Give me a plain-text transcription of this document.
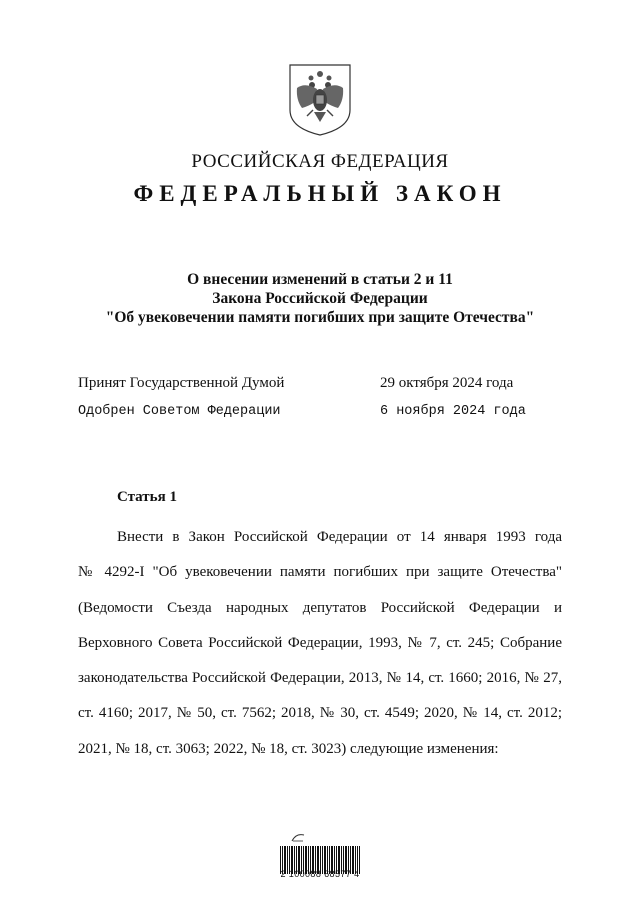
РОССИЙСКАЯ ФЕДЕРАЦИЯ
ФЕДЕРАЛЬНЫЙ ЗАКОН
О внесении изменений в статьи 2 и 11
Закона Российской Федерации
"Об увековечении памяти погибших при защите Отечества"
Принят Государственной Думой	29 октября 2024 года
Одобрен Советом Федерации	6 ноября 2024 года
Статья 1
Внести в Закон Российской Федерации от 14 января 1993 года
№ 4292-I "Об увековечении памяти погибших при защите Отечества"
(Ведомости Съезда народных депутатов Российской Федерации и
Верховного Совета Российской Федерации, 1993, № 7, ст. 245; Собрание
законодательства Российской Федерации, 2013, № 14, ст. 1660; 2016, № 27,
ст. 4160; 2017, № 50, ст. 7562; 2018, № 30, ст. 4549; 2020, № 14, ст. 2012;
2021, № 18, ст. 3063; 2022, № 18, ст. 3023) следующие изменения:
2 100088 68577 4
